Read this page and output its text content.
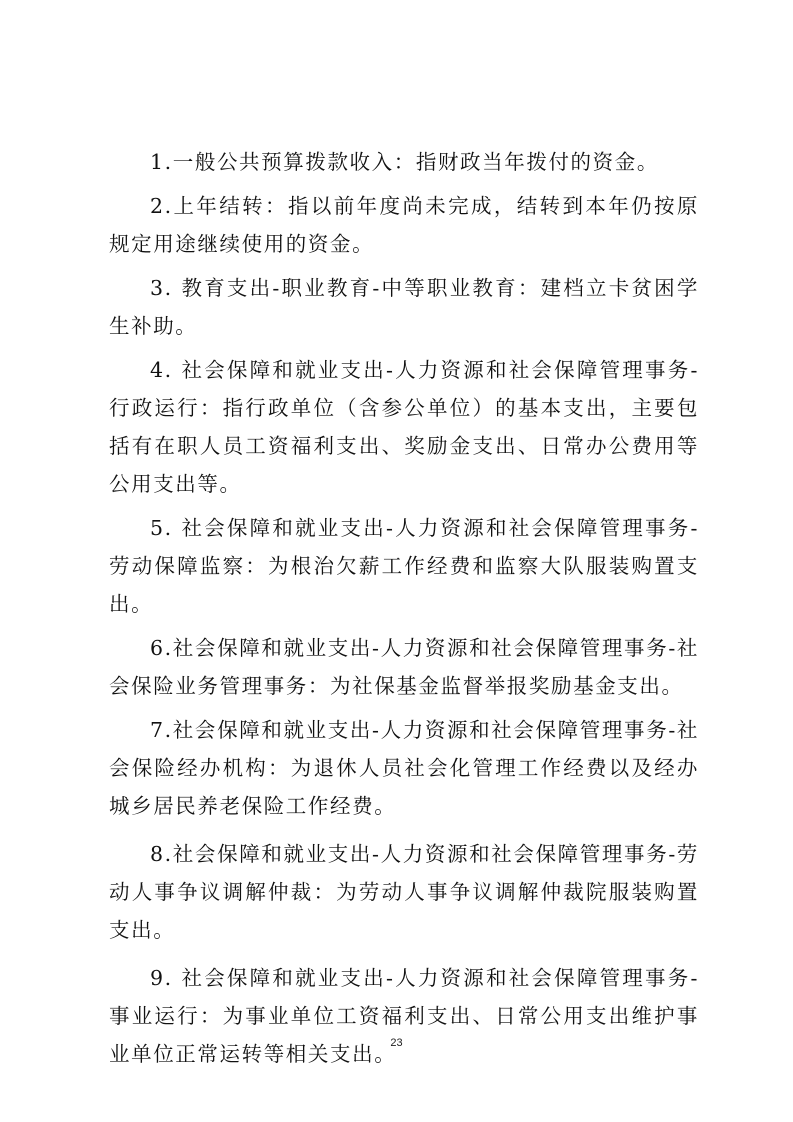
1.一般公共预算拨款收入：指财政当年拨付的资金。

2.上年结转：指以前年度尚未完成，结转到本年仍按原规定用途继续使用的资金。

3. 教育支出-职业教育-中等职业教育：建档立卡贫困学生补助。

4. 社会保障和就业支出-人力资源和社会保障管理事务-行政运行：指行政单位（含参公单位）的基本支出，主要包括有在职人员工资福利支出、奖励金支出、日常办公费用等公用支出等。

5. 社会保障和就业支出-人力资源和社会保障管理事务-劳动保障监察：为根治欠薪工作经费和监察大队服装购置支出。

6.社会保障和就业支出-人力资源和社会保障管理事务-社会保险业务管理事务：为社保基金监督举报奖励基金支出。

7.社会保障和就业支出-人力资源和社会保障管理事务-社会保险经办机构：为退休人员社会化管理工作经费以及经办城乡居民养老保险工作经费。

8.社会保障和就业支出-人力资源和社会保障管理事务-劳动人事争议调解仲裁：为劳动人事争议调解仲裁院服装购置支出。

9. 社会保障和就业支出-人力资源和社会保障管理事务-事业运行：为事业单位工资福利支出、日常公用支出维护事业单位正常运转等相关支出。

23
